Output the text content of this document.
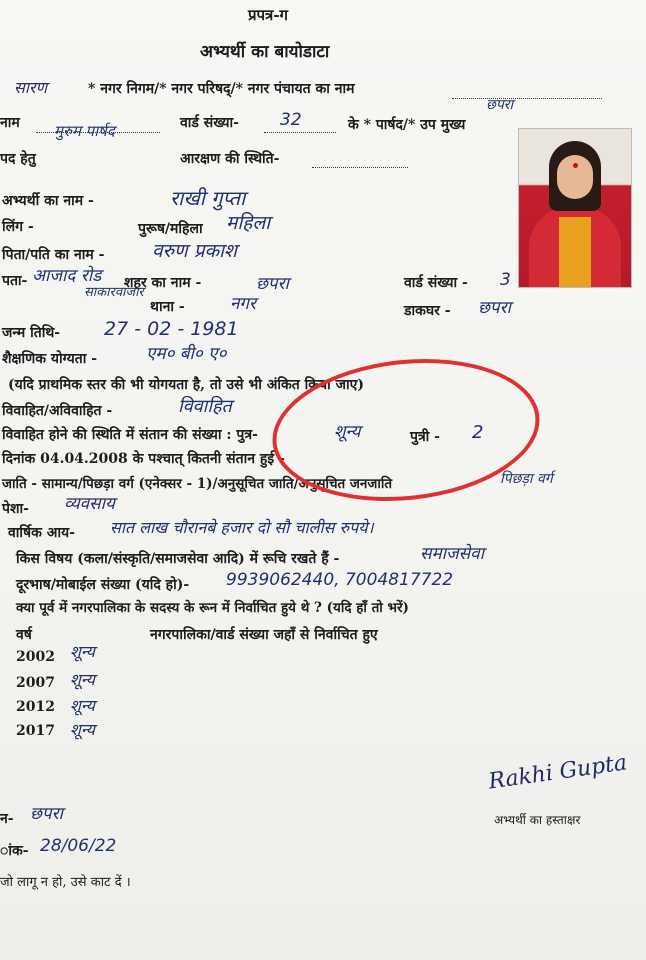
प्रपत्र-ग
अभ्यर्थी का बायोडाटा
सारण	* नगर निगम/* नगर परिषद्/* नगर पंचायत का नाम
छपरा
नाम मुरुम पार्षद	वार्ड संख्या- 32	के * पार्षद/* उप मुख्य
पद हेतु	आरक्षण की स्थिति-
अभ्यर्थी का नाम -	राखी गुप्ता
लिंग -	पुरूष/महिला महिला
पिता/पति का नाम -	वरुण प्रकाश
पता- आजाद रोड
साकारवाजार
शहर का नाम -	छपरा	वार्ड संख्या - 3
थाना -	नगर	डाकघर - छपरा
जन्म तिथि- 27 - 02 - 1981
शैक्षणिक योग्यता -	एम० बी० ए०
(यदि प्राथमिक स्तर की भी योगयता है, तो उसे भी अंकित किया जाए)
विवाहित/अविवाहित -	विवाहित
विवाहित होने की स्थिति में संतान की संख्या : पुत्र-	शून्य	पुत्री - 2
दिनांक 04.04.2008 के पश्चात् कितनी संतान हुई -
जाति - सामान्य/पिछड़ा वर्ग (एनेक्सर - 1)/अनुसूचित जाति/अनुसूचित जनजाति	पिछड़ा वर्ग
पेशा- व्यवसाय
वार्षिक आय- सात लाख चौरानबे हजार दो सौ चालीस रुपये।
किस विषय (कला/संस्कृति/समाजसेवा आदि) में रूचि रखते हैं -	समाजसेवा
दूरभाष/मोबाईल संख्या (यदि हो)- 9939062440, 7004817722
क्या पूर्व में नगरपालिका के सदस्य के रून में निर्वाचित हुये थे ? (यदि हाँ तो भरें)
वर्ष	नगरपालिका/वार्ड संख्या जहाँ से निर्वाचित हुए
2002 शून्य
2007 शून्य
2012 शून्य
2017 शून्य
Rakhi Gupta
अभ्यर्थी का हस्ताक्षर
न- छपरा
ांक- 28/06/22
जो लागू न हो, उसे काट दें ।
